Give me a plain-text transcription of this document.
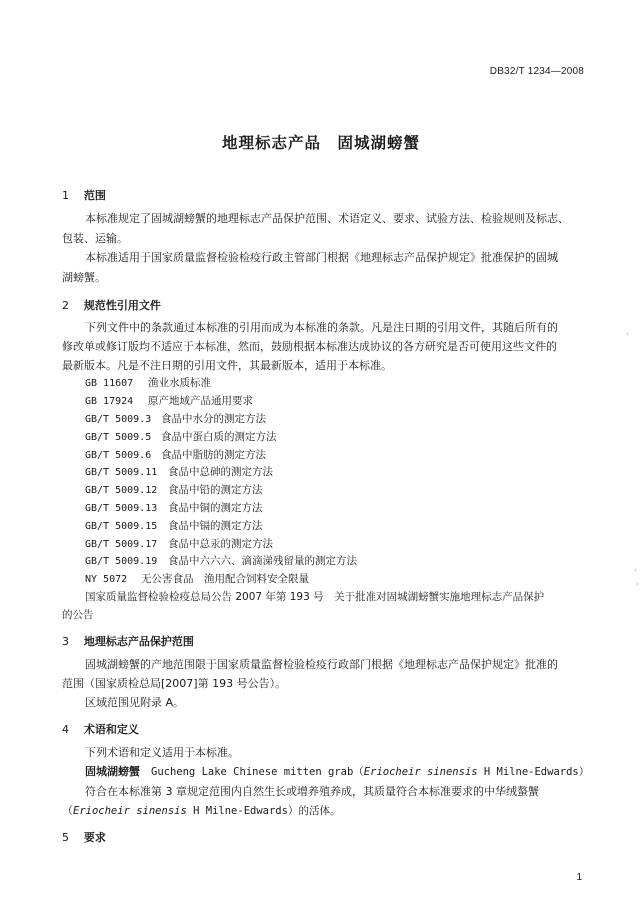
DB32/T 1234—2008
地理标志产品　固城湖螃蟹
1 范围
本标准规定了固城湖螃蟹的地理标志产品保护范围、术语定义、要求、试验方法、检验规则及标志、
包装、运输。
本标准适用于国家质量监督检验检疫行政主管部门根据《地理标志产品保护规定》批准保护的固城
湖螃蟹。
2 规范性引用文件
下列文件中的条款通过本标准的引用而成为本标准的条款。凡是注日期的引用文件，其随后所有的
修改单或修订版均不适应于本标准，然而，鼓励根据本标准达成协议的各方研究是否可使用这些文件的
最新版本。凡是不注日期的引用文件，其最新版本，适用于本标准。
GB 11607 渔业水质标准
GB 17924 原产地域产品通用要求
GB/T 5009.3 食品中水分的测定方法
GB/T 5009.5 食品中蛋白质的测定方法
GB/T 5009.6 食品中脂肪的测定方法
GB/T 5009.11 食品中总砷的测定方法
GB/T 5009.12 食品中铅的测定方法
GB/T 5009.13 食品中铜的测定方法
GB/T 5009.15 食品中镉的测定方法
GB/T 5009.17 食品中总汞的测定方法
GB/T 5009.19 食品中六六六、滴滴涕残留量的测定方法
NY 5072 无公害食品　渔用配合饲料安全限量
国家质量监督检验检疫总局公告 2007 年第 193 号　关于批准对固城湖螃蟹实施地理标志产品保护
的公告
3 地理标志产品保护范围
固城湖螃蟹的产地范围限于国家质量监督检验检疫行政部门根据《地理标志产品保护规定》批准的
范围（国家质检总局[2007]第 193 号公告）。
区域范围见附录 A。
4 术语和定义
下列术语和定义适用于本标准。
固城湖螃蟹　 Gucheng Lake Chinese mitten grab（Eriocheir sinensis H Milne-Edwards）
符合在本标准第 3 章规定范围内自然生长或增养殖养成，其质量符合本标准要求的中华绒螯蟹
（Eriocheir sinensis H Milne-Edwards）的活体。
5 要求
1
·
·
·
